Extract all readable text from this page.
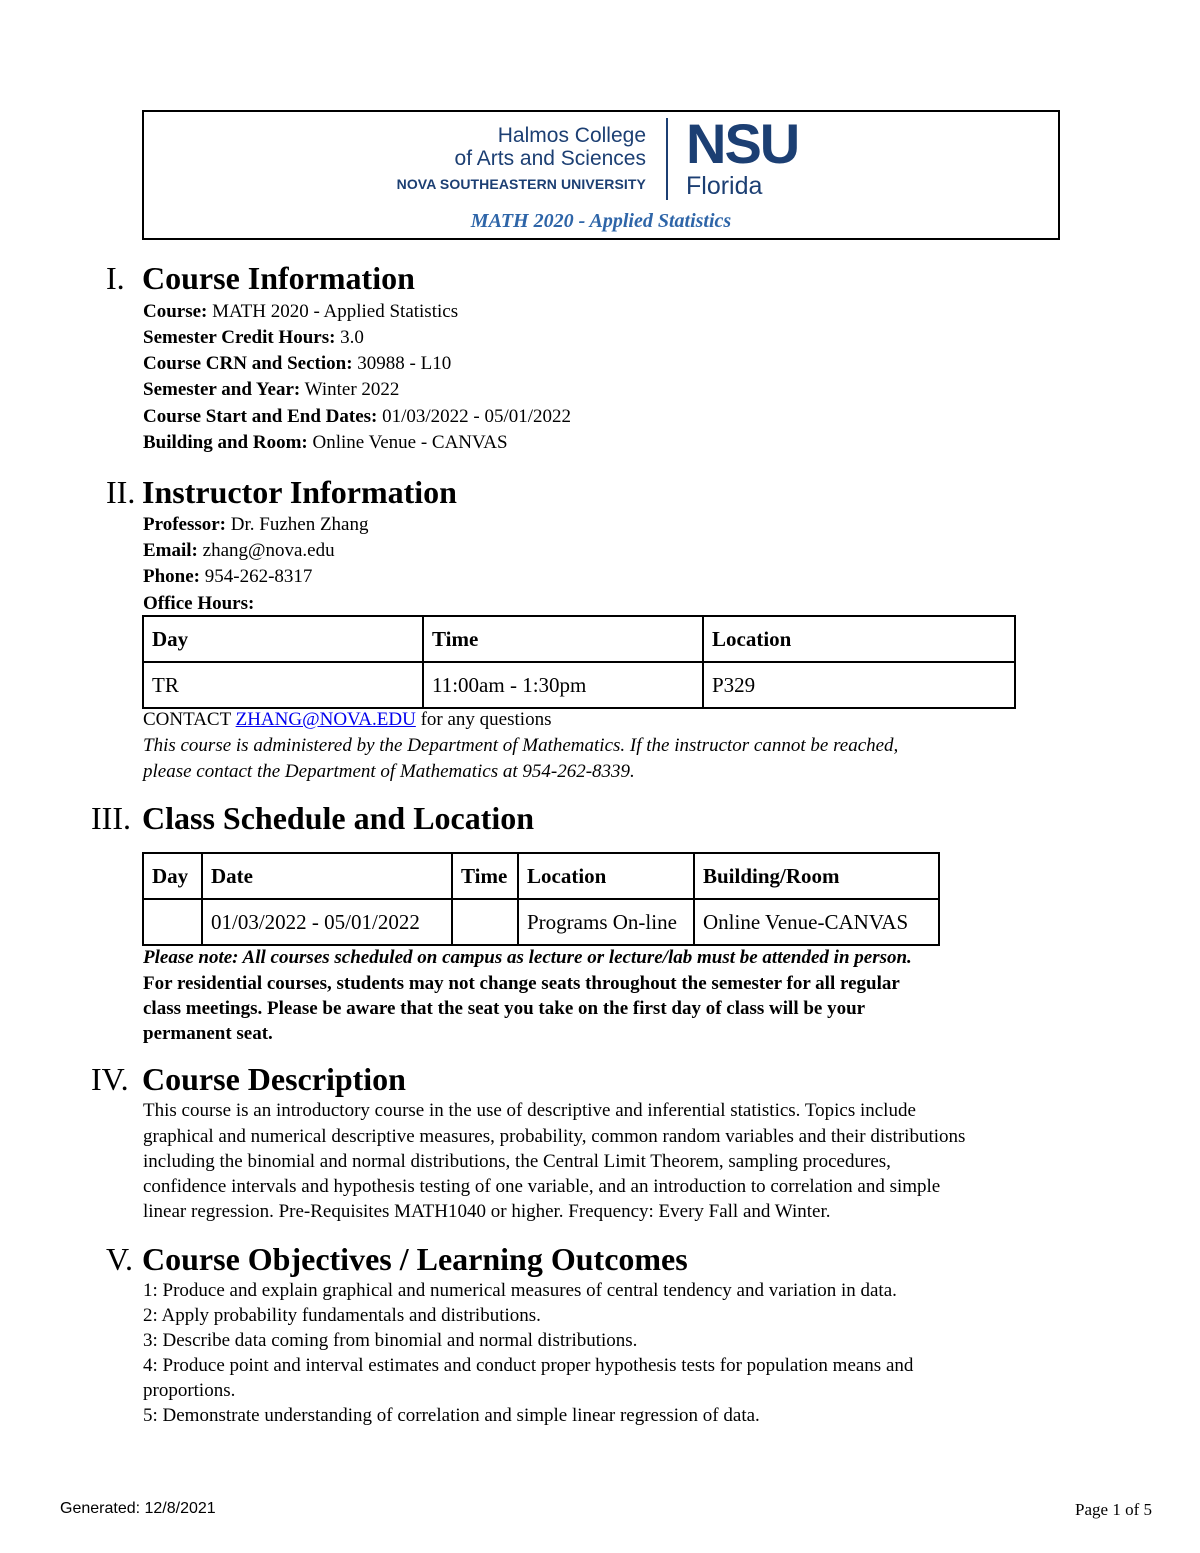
Halmos College
of Arts and Sciences
NOVA SOUTHEASTERN UNIVERSITY
NSU
Florida
MATH 2020 - Applied Statistics
I. Course Information
Course: MATH 2020 - Applied Statistics
Semester Credit Hours: 3.0
Course CRN and Section: 30988 - L10
Semester and Year: Winter 2022
Course Start and End Dates: 01/03/2022 - 05/01/2022
Building and Room: Online Venue - CANVAS
II. Instructor Information
Professor: Dr. Fuzhen Zhang
Email: zhang@nova.edu
Phone: 954-262-8317
Office Hours:
Day	Time	Location
TR	11:00am - 1:30pm	P329
CONTACT ZHANG@NOVA.EDU for any questions
This course is administered by the Department of Mathematics. If the instructor cannot be reached,
please contact the Department of Mathematics at 954-262-8339.
III. Class Schedule and Location
Day	Date	Time	Location	Building/Room
	01/03/2022 - 05/01/2022		Programs On-line	Online Venue-CANVAS
Please note: All courses scheduled on campus as lecture or lecture/lab must be attended in person.
For residential courses, students may not change seats throughout the semester for all regular
class meetings. Please be aware that the seat you take on the first day of class will be your
permanent seat.
IV. Course Description
This course is an introductory course in the use of descriptive and inferential statistics. Topics include
graphical and numerical descriptive measures, probability, common random variables and their distributions
including the binomial and normal distributions, the Central Limit Theorem, sampling procedures,
confidence intervals and hypothesis testing of one variable, and an introduction to correlation and simple
linear regression. Pre-Requisites MATH1040 or higher. Frequency: Every Fall and Winter.
V. Course Objectives / Learning Outcomes
1: Produce and explain graphical and numerical measures of central tendency and variation in data.
2: Apply probability fundamentals and distributions.
3: Describe data coming from binomial and normal distributions.
4: Produce point and interval estimates and conduct proper hypothesis tests for population means and
proportions.
5: Demonstrate understanding of correlation and simple linear regression of data.
Generated: 12/8/2021	Page 1 of 5
